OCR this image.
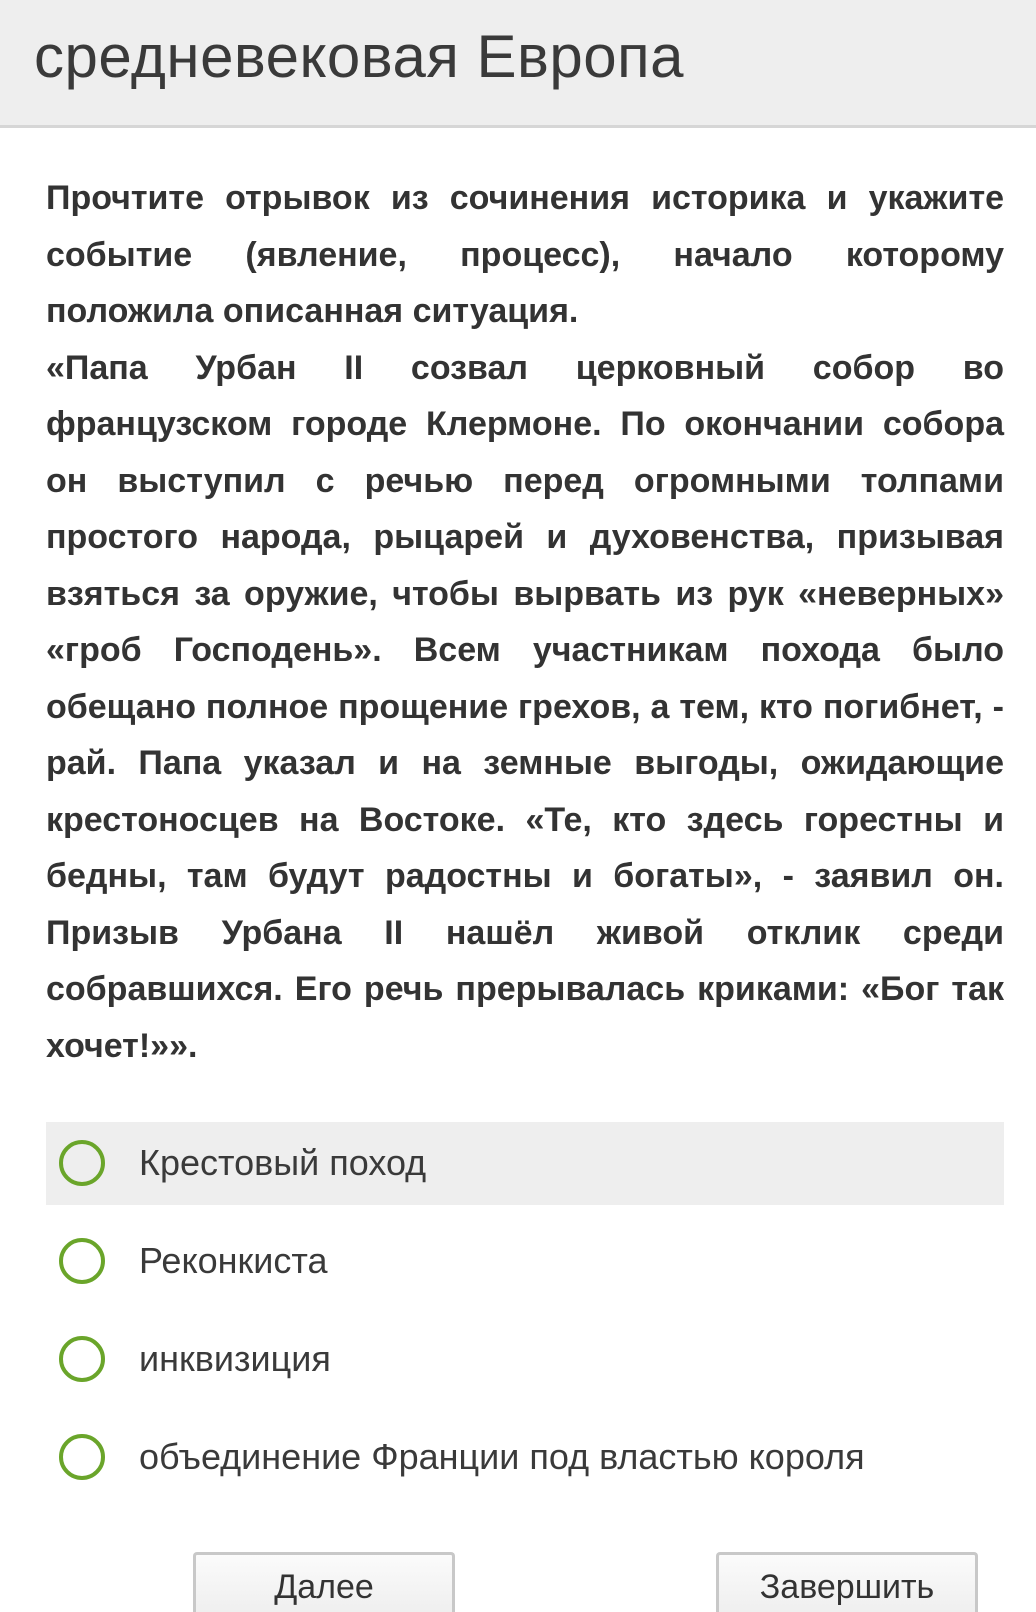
средневековая Европа

Прочтите отрывок из сочинения историка и укажите событие (явление, процесс), начало которому положила описанная ситуация.

«Папа Урбан II созвал церковный собор во французском городе Клермоне. По окончании собора он выступил с речью перед огромными толпами простого народа, рыцарей и духовенства, призывая взяться за оружие, чтобы вырвать из рук «неверных» «гроб Господень». Всем участникам похода было обещано полное прощение грехов, а тем, кто погибнет, - рай. Папа указал и на земные выгоды, ожидающие крестоносцев на Востоке. «Те, кто здесь горестны и бедны, там будут радостны и богаты», - заявил он. Призыв Урбана II нашёл живой отклик среди собравшихся. Его речь прерывалась криками: «Бог так хочет!»».

Крестовый поход
Реконкиста
инквизиция
объединение Франции под властью короля
Далее	Завершить
